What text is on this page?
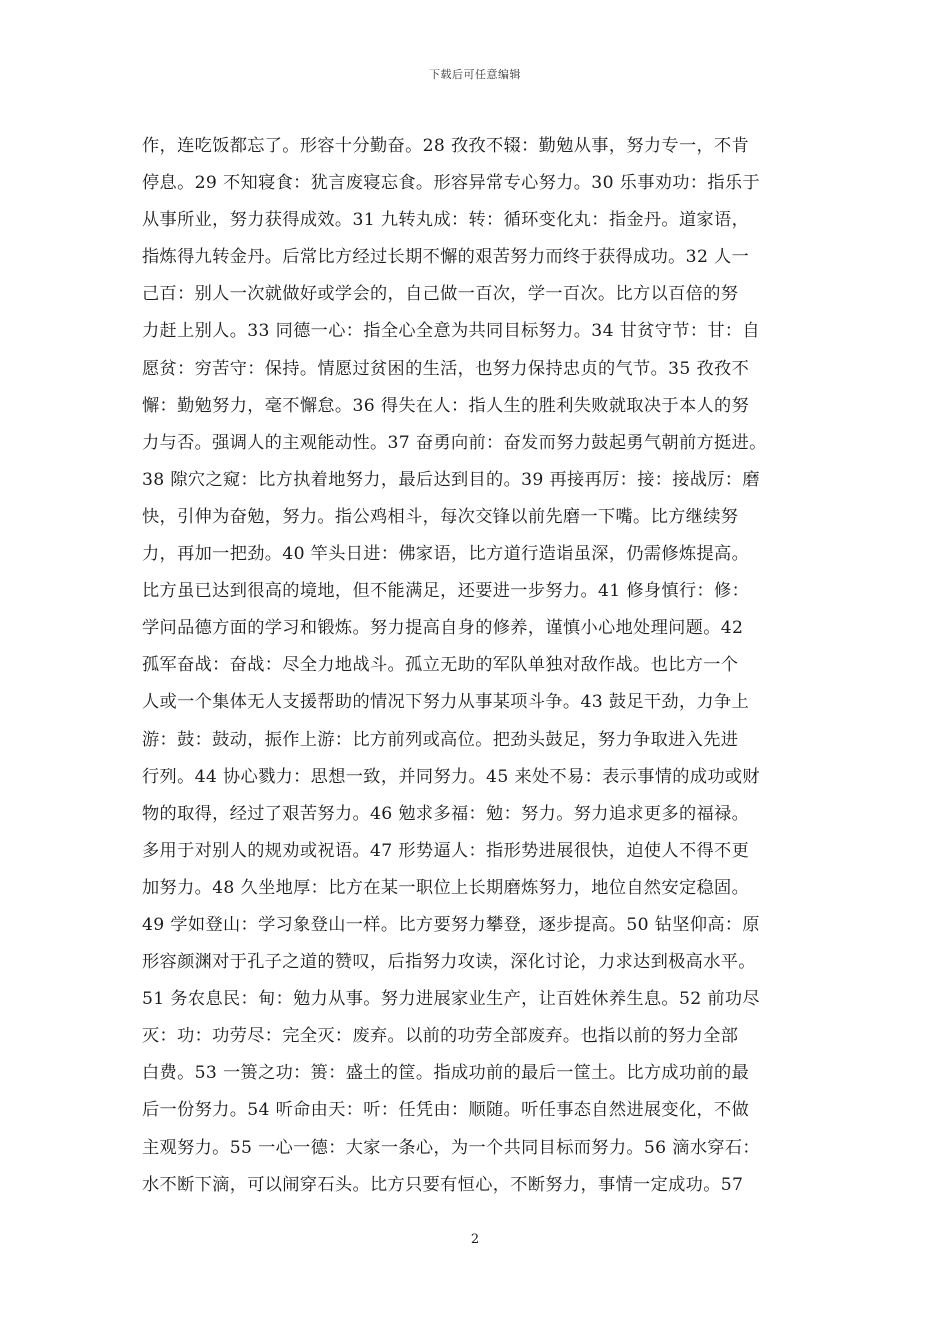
下载后可任意编辑
作，连吃饭都忘了。形容十分勤奋。28 孜孜不辍：勤勉从事，努力专一，不肯
停息。29 不知寝食：犹言废寝忘食。形容异常专心努力。30 乐事劝功：指乐于
从事所业，努力获得成效。31 九转丸成：转：循环变化丸：指金丹。道家语，
指炼得九转金丹。后常比方经过长期不懈的艰苦努力而终于获得成功。32 人一
己百：别人一次就做好或学会的，自己做一百次，学一百次。比方以百倍的努
力赶上别人。33 同德一心：指全心全意为共同目标努力。34 甘贫守节：甘：自
愿贫：穷苦守：保持。情愿过贫困的生活，也努力保持忠贞的气节。35 孜孜不
懈：勤勉努力，毫不懈怠。36 得失在人：指人生的胜利失败就取决于本人的努
力与否。强调人的主观能动性。37 奋勇向前：奋发而努力鼓起勇气朝前方挺进。
38 隙穴之窥：比方执着地努力，最后达到目的。39 再接再厉：接：接战厉：磨
快，引伸为奋勉，努力。指公鸡相斗，每次交锋以前先磨一下嘴。比方继续努
力，再加一把劲。40 竿头日进：佛家语，比方道行造诣虽深，仍需修炼提高。
比方虽已达到很高的境地，但不能满足，还要进一步努力。41 修身慎行：修：
学问品德方面的学习和锻炼。努力提高自身的修养，谨慎小心地处理问题。42
孤军奋战：奋战：尽全力地战斗。孤立无助的军队单独对敌作战。也比方一个
人或一个集体无人支援帮助的情况下努力从事某项斗争。43 鼓足干劲，力争上
游：鼓：鼓动，振作上游：比方前列或高位。把劲头鼓足，努力争取进入先进
行列。44 协心戮力：思想一致，并同努力。45 来处不易：表示事情的成功或财
物的取得，经过了艰苦努力。46 勉求多福：勉：努力。努力追求更多的福禄。
多用于对别人的规劝或祝语。47 形势逼人：指形势进展很快，迫使人不得不更
加努力。48 久坐地厚：比方在某一职位上长期磨炼努力，地位自然安定稳固。
49 学如登山：学习象登山一样。比方要努力攀登，逐步提高。50 钻坚仰高：原
形容颜渊对于孔子之道的赞叹，后指努力攻读，深化讨论，力求达到极高水平。
51 务农息民：甸：勉力从事。努力进展家业生产，让百姓休养生息。52 前功尽
灭：功：功劳尽：完全灭：废弃。以前的功劳全部废弃。也指以前的努力全部
白费。53 一篑之功：篑：盛土的筐。指成功前的最后一筐土。比方成功前的最
后一份努力。54 听命由天：听：任凭由：顺随。听任事态自然进展变化，不做
主观努力。55 一心一德：大家一条心，为一个共同目标而努力。56 滴水穿石：
水不断下滴，可以闹穿石头。比方只要有恒心，不断努力，事情一定成功。57
2
